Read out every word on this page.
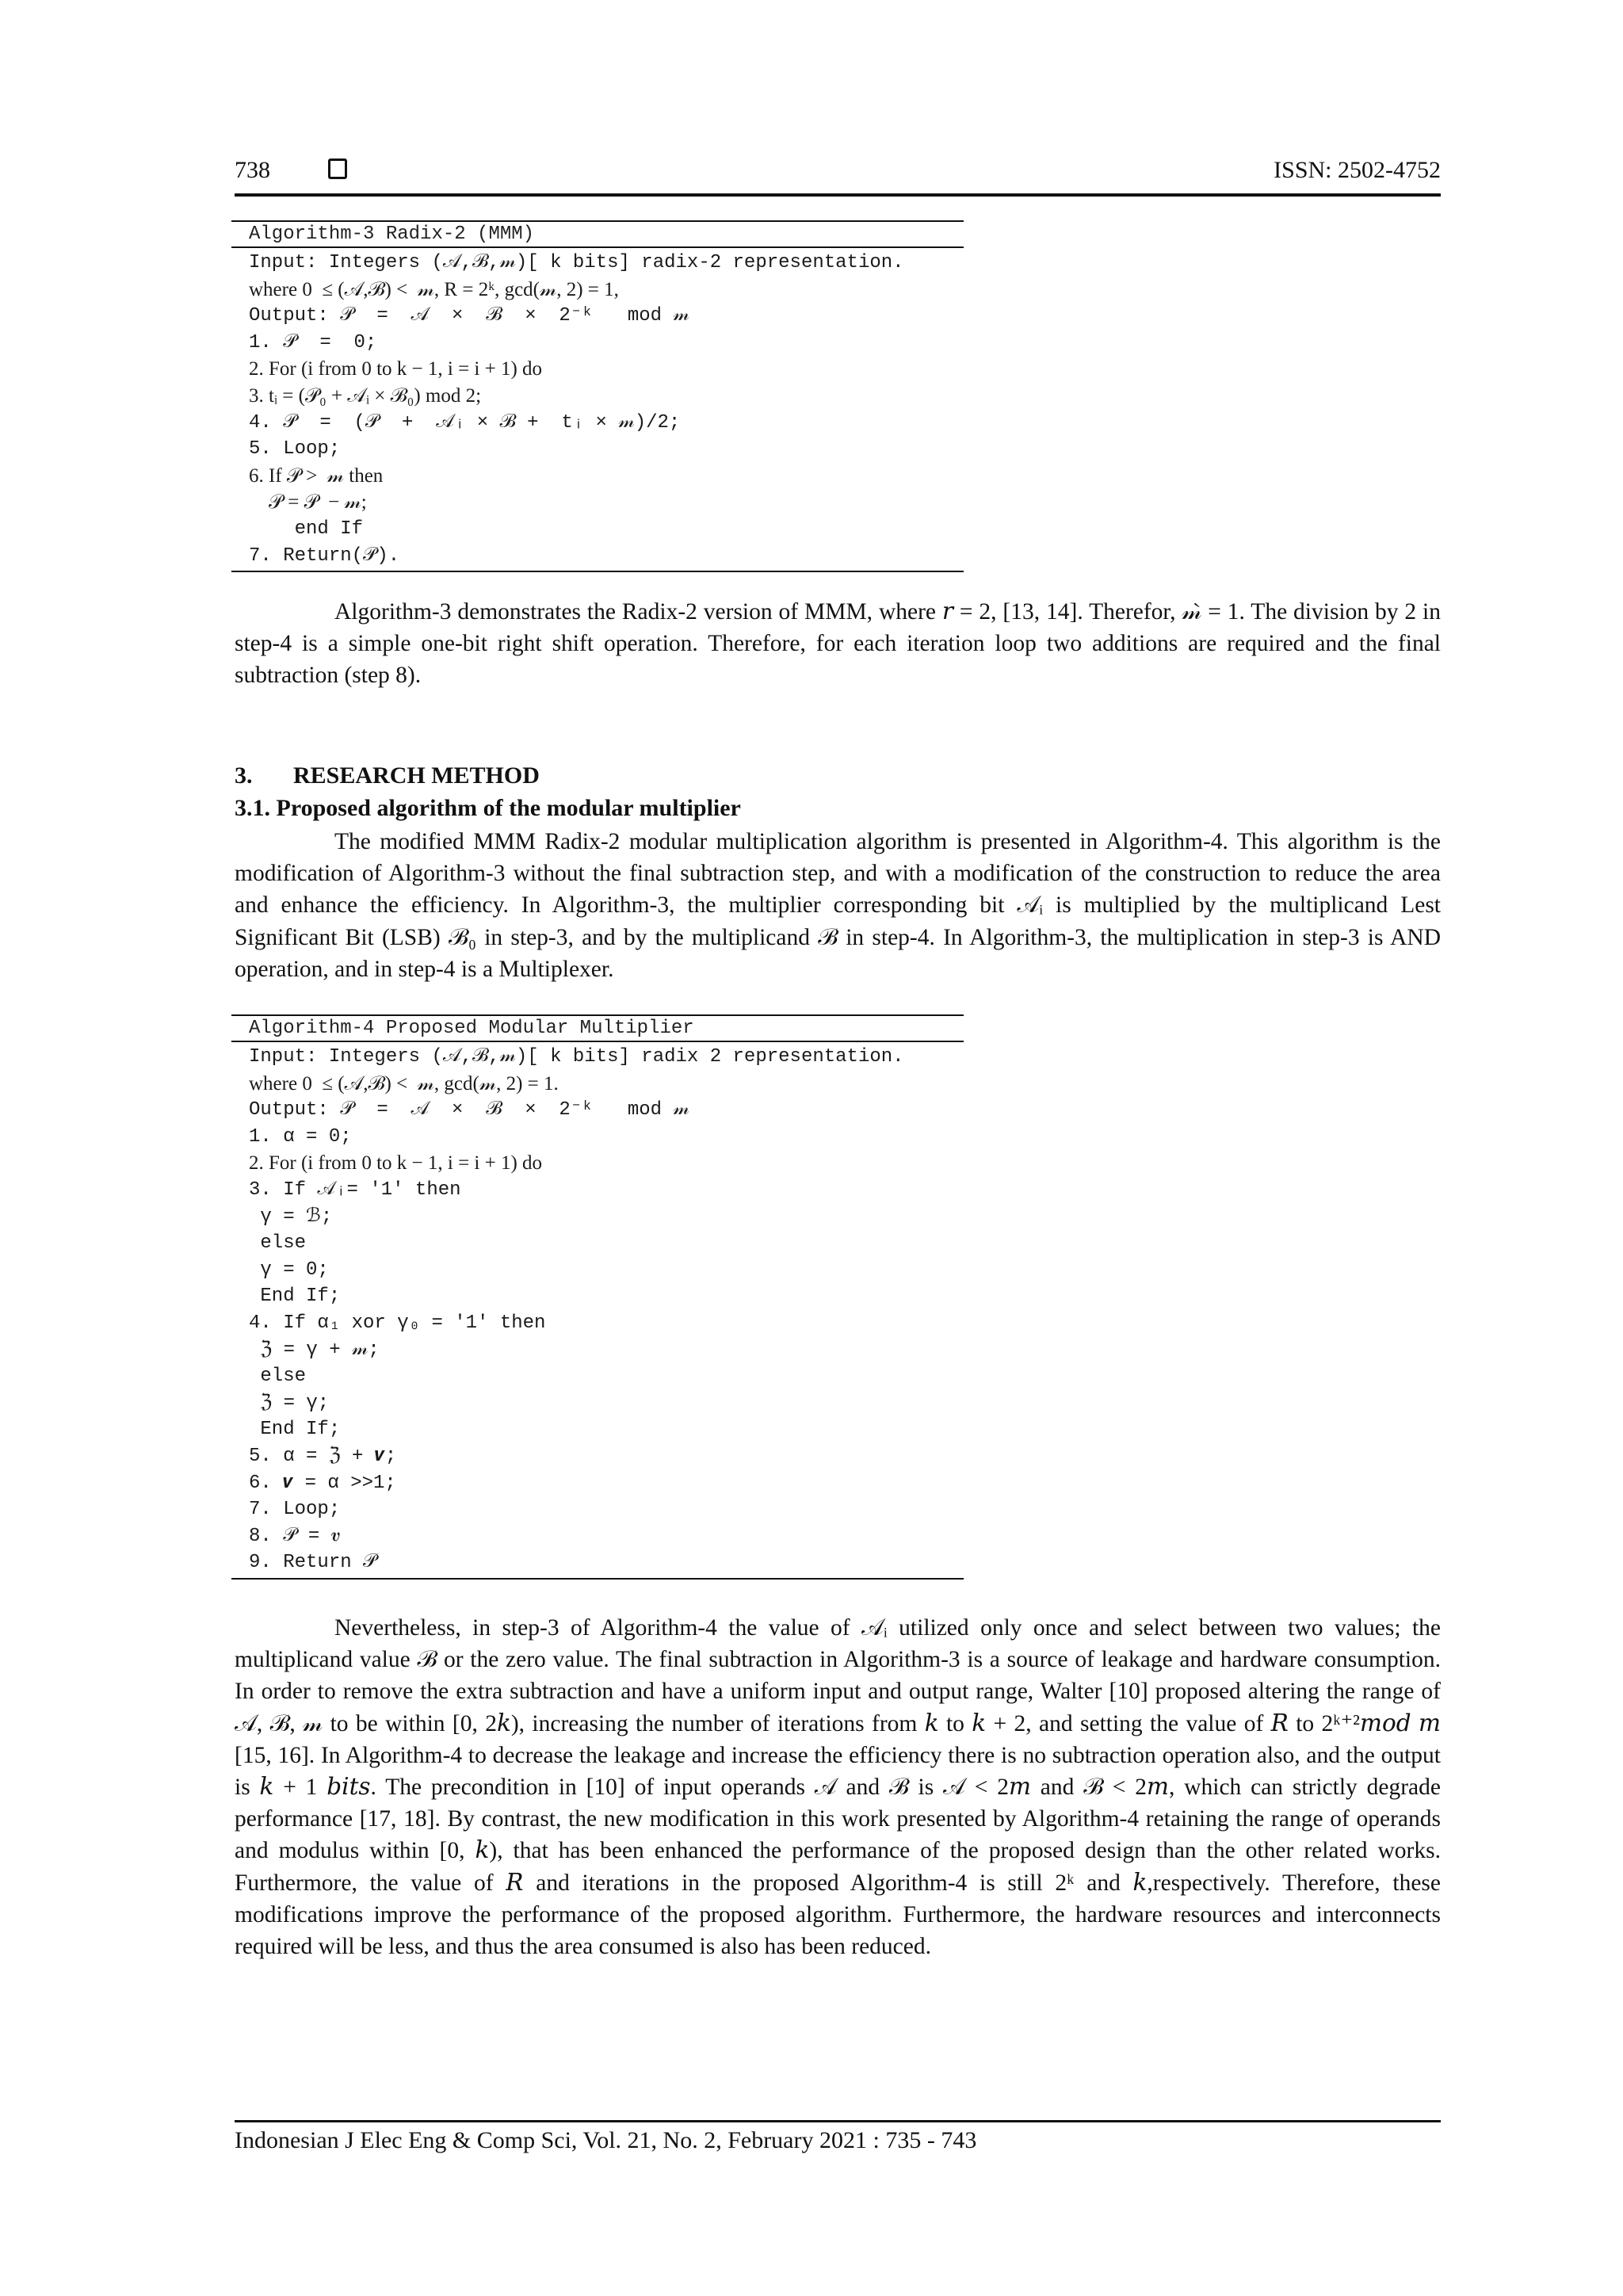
738	ISSN: 2502-4752
Algorithm-3 Radix-2 (MMM)
Input: Integers (𝒜,ℬ,𝓂)[ k bits] radix-2 representation.
where 0  ≤ (𝒜,ℬ) <  𝓂, R = 2ᵏ, gcd(𝓂, 2) = 1,
Output: 𝒫  =  𝒜  ×  ℬ  ×  2⁻ᵏ   mod 𝓂
1. 𝒫  =  0;
2. For (i from 0 to k − 1, i = i + 1) do
3. tᵢ = (𝒫₀ + 𝒜ᵢ × ℬ₀) mod 2;
4. 𝒫  =  (𝒫  +  𝒜ᵢ × ℬ +  tᵢ × 𝓂)/2;
5. Loop;
6. If 𝒫 >  𝓂 then
𝒫 = 𝒫  − 𝓂;
end If
7. Return(𝒫).
Algorithm-3 demonstrates the Radix-2 version of MMM, where 𝑟 = 2, [13, 14]. Therefor, 𝓂̀ = 1. The division by 2 in step-4 is a simple one-bit right shift operation. Therefore, for each iteration loop two additions are required and the final subtraction (step 8).
3. RESEARCH METHOD
3.1. Proposed algorithm of the modular multiplier
The modified MMM Radix-2 modular multiplication algorithm is presented in Algorithm-4. This algorithm is the modification of Algorithm-3 without the final subtraction step, and with a modification of the construction to reduce the area and enhance the efficiency. In Algorithm-3, the multiplier corresponding bit 𝒜ᵢ is multiplied by the multiplicand Lest Significant Bit (LSB) ℬ₀ in step-3, and by the multiplicand ℬ in step-4. In Algorithm-3, the multiplication in step-3 is AND operation, and in step-4 is a Multiplexer.
Algorithm-4 Proposed Modular Multiplier
Input: Integers (𝒜,ℬ,𝓂)[ k bits] radix 2 representation.
where 0  ≤ (𝒜,ℬ) <  𝓂, gcd(𝓂, 2) = 1.
Output: 𝒫  =  𝒜  ×  ℬ  ×  2⁻ᵏ   mod 𝓂
1. α = 0;
2. For (i from 0 to k − 1, i = i + 1) do
3. If 𝒜ᵢ= '1' then
γ = ℬ;
else
γ = 0;
End If;
4. If α₁ xor γ₀ = '1' then
ℨ = γ + 𝓂;
else
ℨ = γ;
End If;
5. α = ℨ + 𝒗;
6. 𝒗 = α >>1;
7. Loop;
8. 𝒫 = 𝒗
9. Return 𝒫
Nevertheless, in step-3 of Algorithm-4 the value of 𝒜ᵢ utilized only once and select between two values; the multiplicand value ℬ or the zero value. The final subtraction in Algorithm-3 is a source of leakage and hardware consumption. In order to remove the extra subtraction and have a uniform input and output range, Walter [10] proposed altering the range of 𝒜, ℬ, 𝓂 to be within [0, 2𝑘), increasing the number of iterations from 𝑘 to 𝑘 + 2, and setting the value of 𝑅 to 2ᵏ⁺²𝑚𝑜𝑑 𝑚 [15, 16]. In Algorithm-4 to decrease the leakage and increase the efficiency there is no subtraction operation also, and the output is 𝑘 + 1 𝑏𝑖𝑡𝑠. The precondition in [10] of input operands 𝒜 and ℬ is 𝒜 < 2𝑚 and ℬ < 2𝑚, which can strictly degrade performance [17, 18]. By contrast, the new modification in this work presented by Algorithm-4 retaining the range of operands and modulus within [0, 𝑘), that has been enhanced the performance of the proposed design than the other related works. Furthermore, the value of 𝑅 and iterations in the proposed Algorithm-4 is still 2ᵏ and 𝑘,respectively. Therefore, these modifications improve the performance of the proposed algorithm. Furthermore, the hardware resources and interconnects required will be less, and thus the area consumed is also has been reduced.
Indonesian J Elec Eng & Comp Sci, Vol. 21, No. 2, February 2021 : 735 - 743
